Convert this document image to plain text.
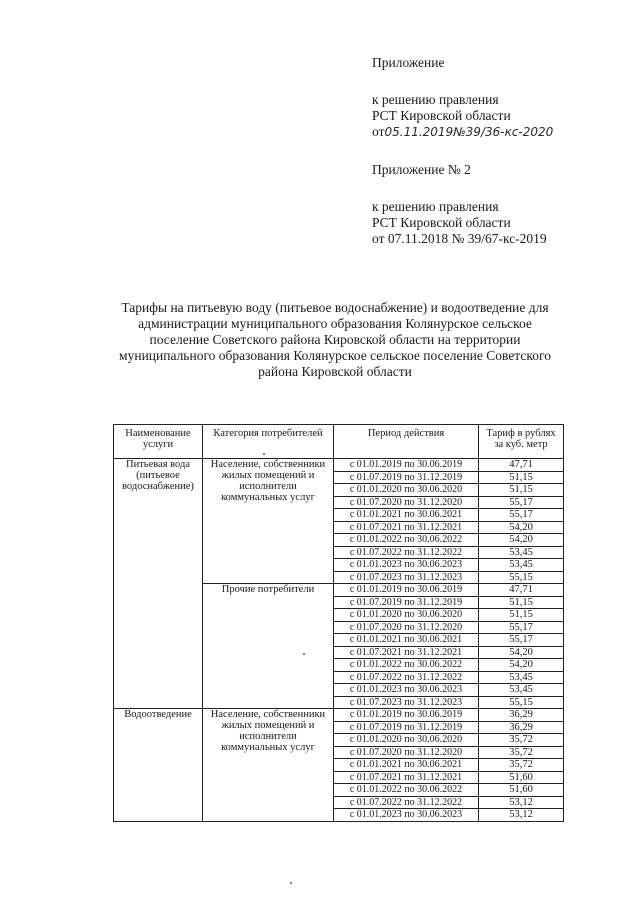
Приложение
к решению правления
РСТ Кировской области
от05.11.2019№39/36-кс-2020
Приложение № 2
к решению правления
РСТ Кировской области
от 07.11.2018 № 39/67-кс-2019
Тарифы на питьевую воду (питьевое водоснабжение) и водоотведение для
администрации муниципального образования Колянурское сельское
поселение Советского района Кировской области на территории
муниципального образования Колянурское сельское поселение Советского
района Кировской области
Наименование услуги	Категория потребителей	Период действия	Тариф в рублях за куб. метр
Питьевая вода (питьевое водоснабжение)	Население, собственники жилых помещений и исполнители коммунальных услуг	с 01.01.2019 по 30.06.2019	47,71
		с 01.07.2019 по 31.12.2019	51,15
		с 01.01.2020 по 30.06.2020	51,15
		с 01.07.2020 по 31.12.2020	55,17
		с 01.01.2021 по 30.06.2021	55,17
		с 01.07.2021 по 31.12.2021	54,20
		с 01.01.2022 по 30.06.2022	54,20
		с 01.07.2022 по 31.12.2022	53,45
		с 01.01.2023 по 30.06.2023	53,45
		с 01.07.2023 по 31.12.2023	55,15
	Прочие потребители	с 01.01.2019 по 30.06.2019	47,71
		с 01.07.2019 по 31.12.2019	51,15
		с 01.01.2020 по 30.06.2020	51,15
		с 01.07.2020 по 31.12.2020	55,17
		с 01.01.2021 по 30.06.2021	55,17
		с 01.07.2021 по 31.12.2021	54,20
		с 01.01.2022 по 30.06.2022	54,20
		с 01.07.2022 по 31.12.2022	53,45
		с 01.01.2023 по 30.06.2023	53,45
		с 01.07.2023 по 31.12.2023	55,15
Водоотведение	Население, собственники жилых помещений и исполнители коммунальных услуг	с 01.01.2019 по 30.06.2019	36,29
		с 01.07.2019 по 31.12.2019	36,29
		с 01.01.2020 по 30.06.2020	35,72
		с 01.07.2020 по 31.12.2020	35,72
		с 01.01.2021 по 30.06.2021	35,72
		с 01.07.2021 по 31.12.2021	51,60
		с 01.01.2022 по 30.06.2022	51,60
		с 01.07.2022 по 31.12.2022	53,12
		с 01.01.2023 по 30.06.2023	53,12
